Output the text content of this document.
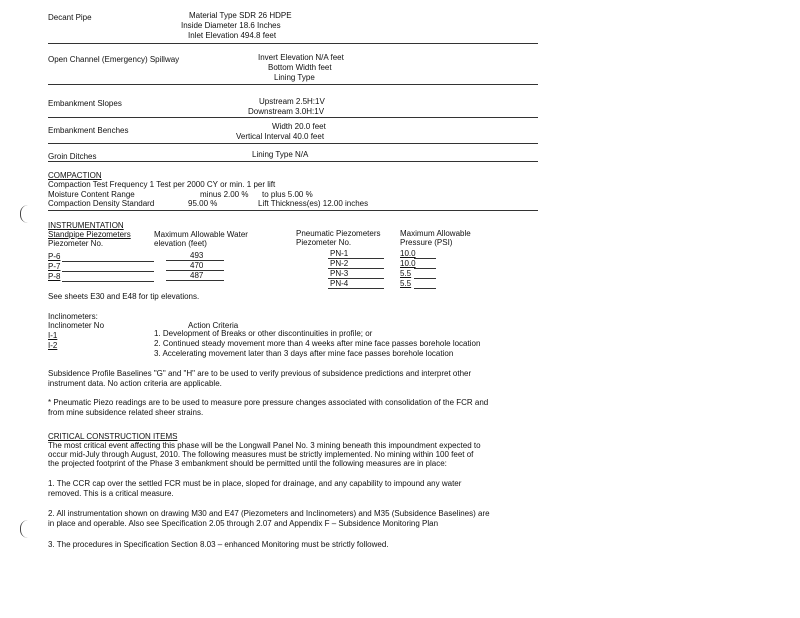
Decant Pipe	Material Type SDR 26 HDPE
Inside Diameter 18.6 Inches
Inlet Elevation 494.8 feet
Open Channel (Emergency) Spillway	Invert Elevation N/A feet
Bottom Width feet
Lining Type
Embankment Slopes	Upstream 2.5H:1V
Downstream 3.0H:1V
Embankment Benches	Width 20.0 feet
Vertical Interval 40.0 feet
Groin Ditches	Lining Type N/A
COMPACTION
Compaction Test Frequency 1 Test per 2000 CY or min. 1 per lift
Moisture Content Range	minus 2.00 % to plus 5.00 %
Compaction Density Standard	95.00 %	Lift Thickness(es) 12.00 inches
INSTRUMENTATION
Standpipe Piezometers
Piezometer No.
Maximum Allowable Water
elevation (feet)
Pneumatic Piezometers
Piezometer No.
Maximum Allowable
Pressure (PSI)
P-6	493
P-7	470
P-8	487
PN-1	10.0
PN-2	10.0
PN-3	5.5
PN-4	5.5
See sheets E30 and E48 for tip elevations.
Inclinometers:
Inclinometer No	Action Criteria
I-1
I-2
1. Development of Breaks or other discontinuities in profile; or
2. Continued steady movement more than 4 weeks after mine face passes borehole location
3. Accelerating movement later than 3 days after mine face passes borehole location
Subsidence Profile Baselines "G" and "H" are to be used to verify previous of subsidence predictions and interpret other
instrument data. No action criteria are applicable.
* Pneumatic Piezo readings are to be used to measure pore pressure changes associated with consolidation of the FCR and
from mine subsidence related sheer strains.
CRITICAL CONSTRUCTION ITEMS
The most critical event affecting this phase will be the Longwall Panel No. 3 mining beneath this impoundment expected to
occur mid-July through August, 2010. The following measures must be strictly implemented. No mining within 100 feet of
the projected footprint of the Phase 3 embankment should be permitted until the following measures are in place:
1. The CCR cap over the settled FCR must be in place, sloped for drainage, and any capability to impound any water
removed. This is a critical measure.
2. All instrumentation shown on drawing M30 and E47 (Piezometers and Inclinometers) and M35 (Subsidence Baselines) are
in place and operable. Also see Specification 2.05 through 2.07 and Appendix F – Subsidence Monitoring Plan
3. The procedures in Specification Section 8.03 – enhanced Monitoring must be strictly followed.
